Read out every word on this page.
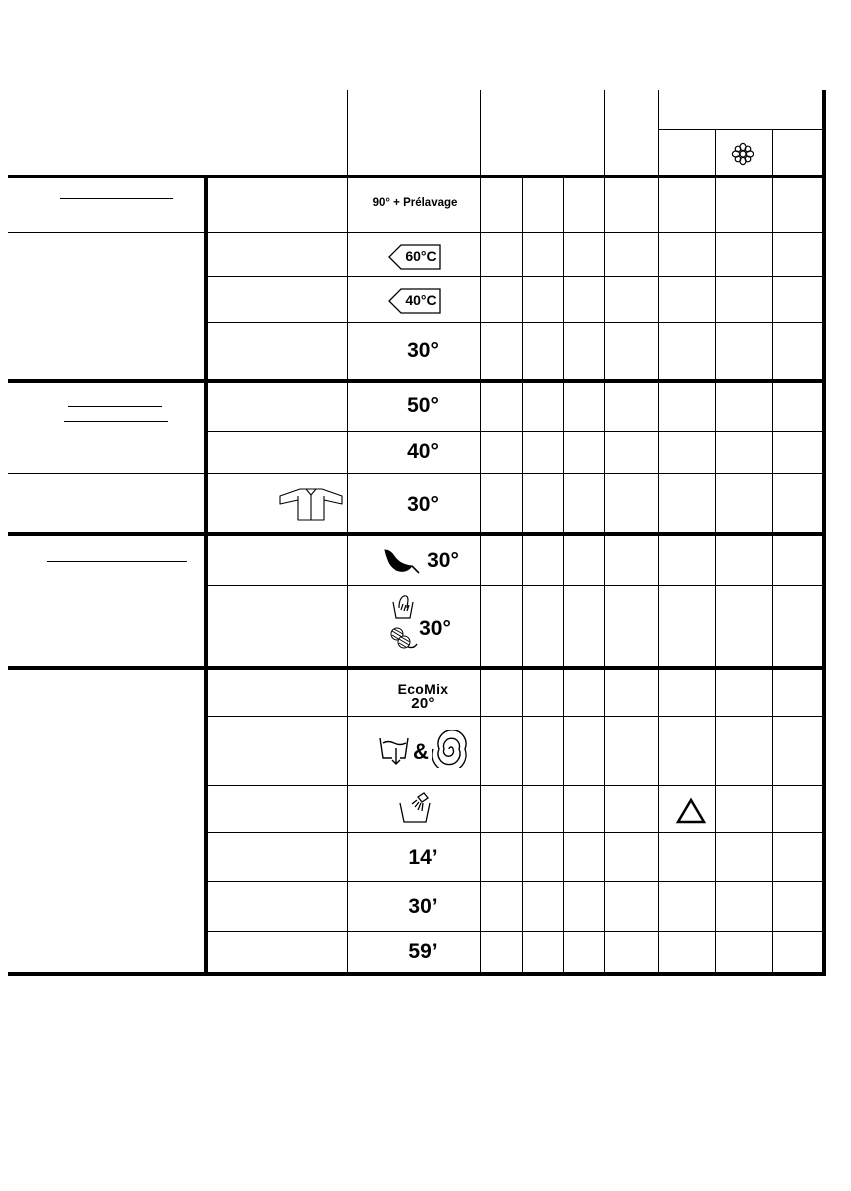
90° + Prélavage
60°C
40°C
30°
50°
40°
30°
30°
30°
EcoMix
20°
&
14’
30’
59’
